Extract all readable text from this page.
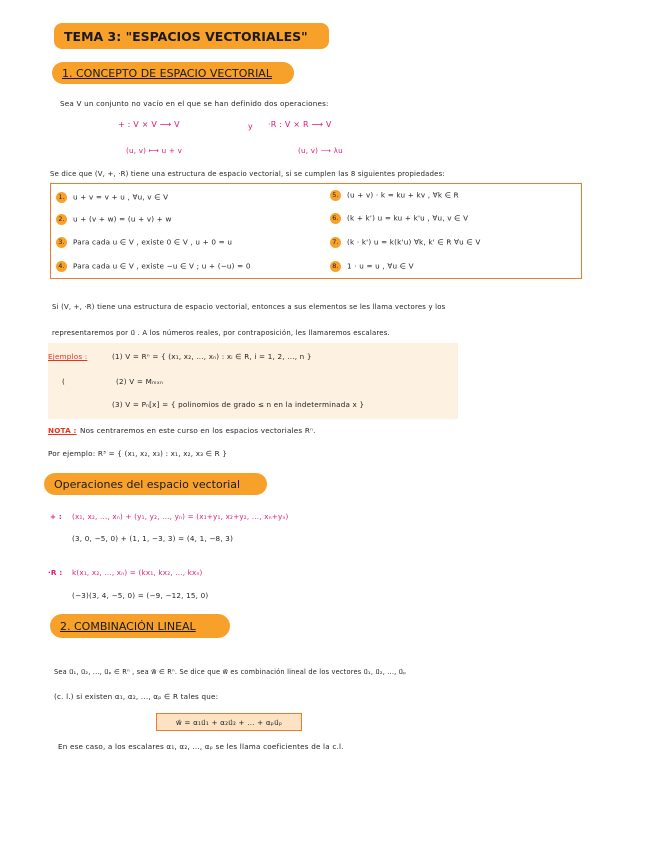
TEMA 3: "ESPACIOS VECTORIALES"
1. CONCEPTO DE ESPACIO VECTORIAL
Sea V un conjunto no vacío en el que se han definido dos operaciones:
+ : V × V ⟶ V	y ·R : V × R ⟶ V
(u, v) ⟼ u + v	(u, v) ⟶ λu
Se dice que (V, +, ·R) tiene una estructura de espacio vectorial, si se cumplen las 8 siguientes propiedades:
1. u + v = v + u , ∀u, v ∈ V
2. u + (v + w) = (u + v) + w
3. Para cada u ∈ V , existe 0 ∈ V , u + 0 = u
4. Para cada u ∈ V , existe −u ∈ V ; u + (−u) = 0
5. (u + v) · k = ku + kv , ∀k ∈ R
6. (k + k') u = ku + k'u , ∀u, v ∈ V
7. (k · k') u = k(k'u) ∀k, k' ∈ R ∀u ∈ V
8. 1 · u = u , ∀u ∈ V
Si (V, +, ·R) tiene una estructura de espacio vectorial, entonces a sus elementos se les llama vectores y los
representaremos por u⃗ . A los números reales, por contraposición, les llamaremos escalares.
Ejemplos :	(1) V = Rⁿ = { (x₁, x₂, ..., xₙ) : xᵢ ∈ R, i = 1, 2, ..., n }
(	(2) V = Mₘₓₙ
(3) V = Pₙ[x] = { polinomios de grado ≤ n en la indeterminada x }
NOTA : Nos centraremos en este curso en los espacios vectoriales Rⁿ.
Por ejemplo: R³ = { (x₁, x₂, x₃) : x₁, x₂, x₃ ∈ R }
Operaciones del espacio vectorial
+ : (x₁, x₂, ..., xₙ) + (y₁, y₂, ..., yₙ) = (x₁+y₁, x₂+y₂, ..., xₙ+yₙ)
(3, 0, −5, 0) + (1, 1, −3, 3) = (4, 1, −8, 3)
·R : k(x₁, x₂, ..., xₙ) = (kx₁, kx₂, ..., kxₙ)
(−3)(3, 4, −5, 0) = (−9, −12, 15, 0)
2. COMBINACIÓN LINEAL
Sea u⃗₁, u⃗₂, ..., u⃗ₚ ∈ Rⁿ , sea w⃗ ∈ Rⁿ. Se dice que w⃗ es combinación lineal de los vectores u⃗₁, u⃗₂, ..., u⃗ₚ
(c. l.) si existen α₁, α₂, ..., αₚ ∈ R tales que:
w⃗ = α₁u⃗₁ + α₂u⃗₂ + ... + αₚu⃗ₚ
En ese caso, a los escalares α₁, α₂, ..., αₚ se les llama coeficientes de la c.l.
